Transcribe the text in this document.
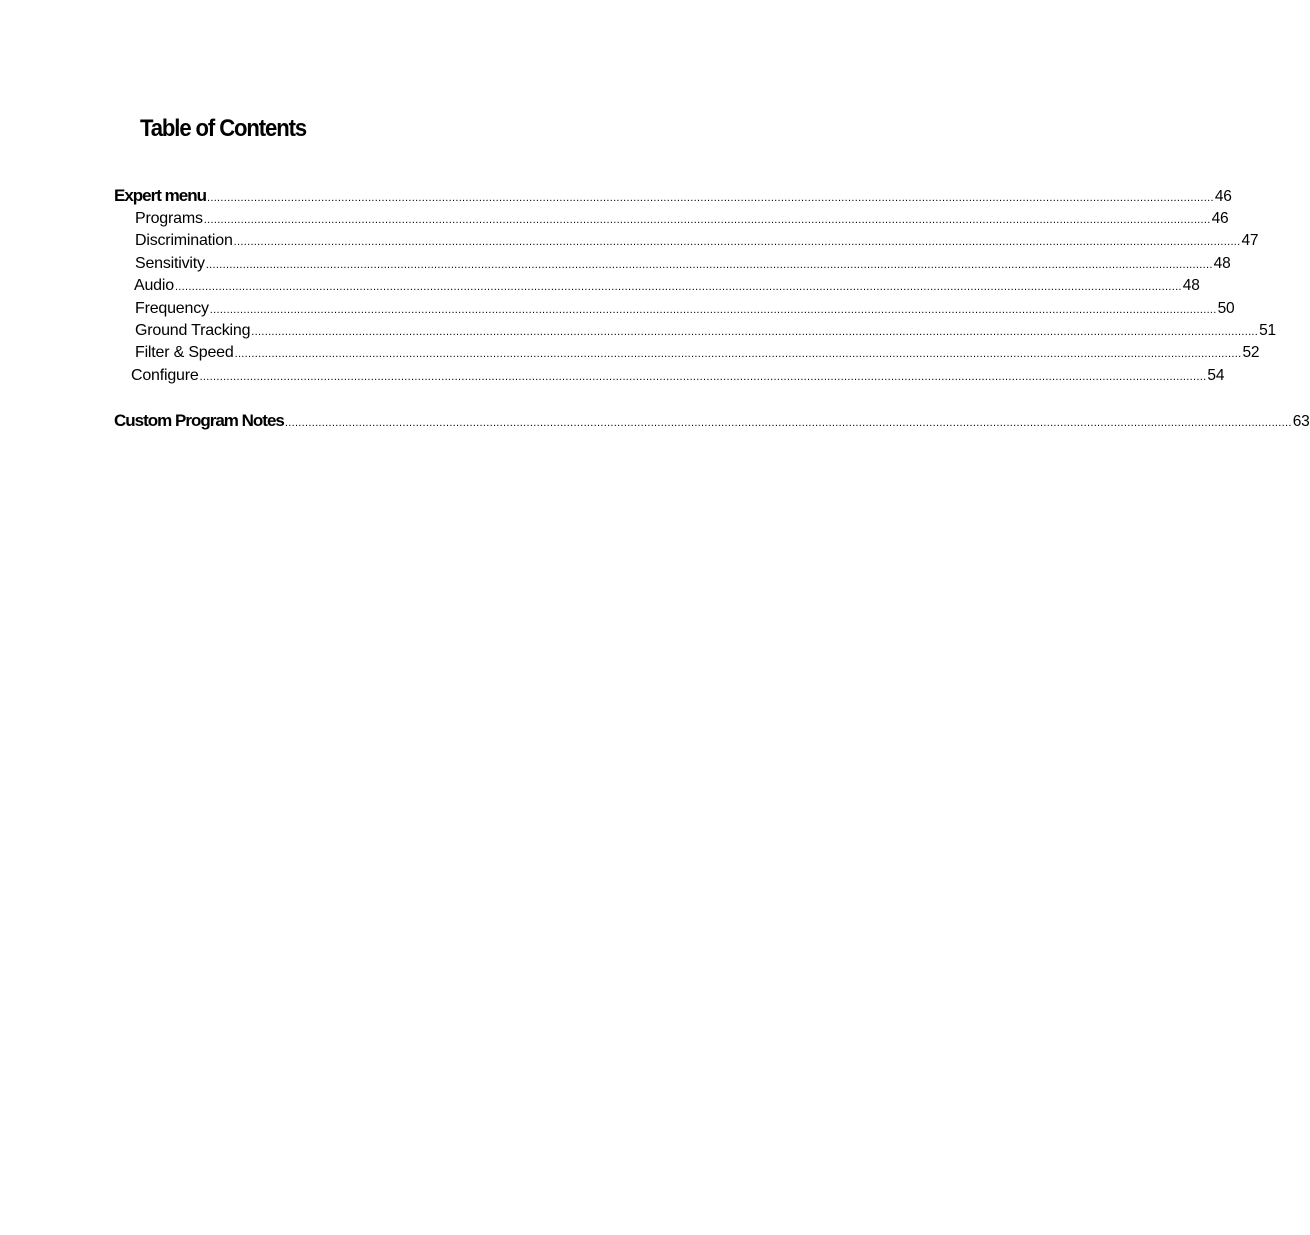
Table of Contents
Expert menu ............................................................................................................................................................................................................................................................................................................ 46
Programs ............................................................................................................................................................................................................................................................................................................ 46
Discrimination ............................................................................................................................................................................................................................................................................................................ 47
Sensitivity ............................................................................................................................................................................................................................................................................................................ 48
Audio ............................................................................................................................................................................................................................................................................................................ 48
Frequency ............................................................................................................................................................................................................................................................................................................ 50
Ground Tracking ............................................................................................................................................................................................................................................................................................................ 51
Filter & Speed ............................................................................................................................................................................................................................................................................................................ 52
Configure ............................................................................................................................................................................................................................................................................................................ 54
Custom Program Notes ............................................................................................................................................................................................................................................................................................................ 63
